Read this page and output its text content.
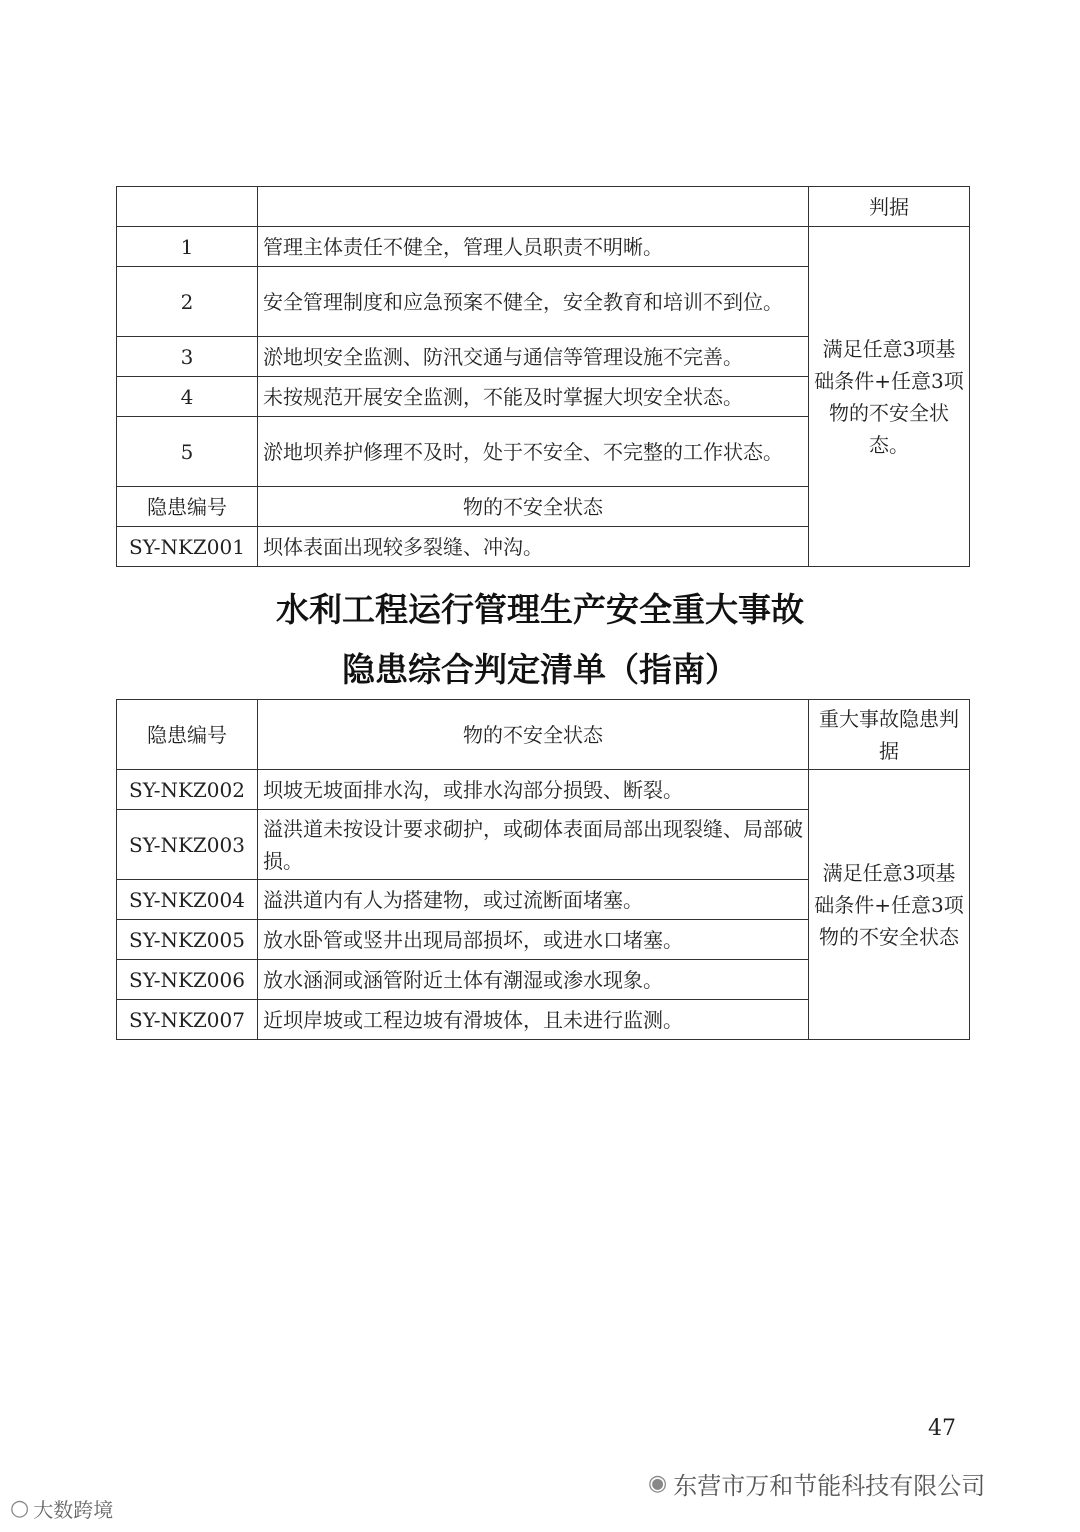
		判据
1	管理主体责任不健全，管理人员职责不明晰。	满足任意3项基础条件+任意3项物的不安全状态。
2	安全管理制度和应急预案不健全，安全教育和培训不到位。	
3	淤地坝安全监测、防汛交通与通信等管理设施不完善。	
4	未按规范开展安全监测，不能及时掌握大坝安全状态。	
5	淤地坝养护修理不及时，处于不安全、不完整的工作状态。	
隐患编号	物的不安全状态	
SY-NKZ001	坝体表面出现较多裂缝、冲沟。	
水利工程运行管理生产安全重大事故
隐患综合判定清单（指南）
隐患编号	物的不安全状态	重大事故隐患判据
SY-NKZ002	坝坡无坡面排水沟，或排水沟部分损毁、断裂。	满足任意3项基础条件+任意3项物的不安全状态
SY-NKZ003	溢洪道未按设计要求砌护，或砌体表面局部出现裂缝、局部破损。	
SY-NKZ004	溢洪道内有人为搭建物，或过流断面堵塞。	
SY-NKZ005	放水卧管或竖井出现局部损坏，或进水口堵塞。	
SY-NKZ006	放水涵洞或涵管附近土体有潮湿或渗水现象。	
SY-NKZ007	近坝岸坡或工程边坡有滑坡体，且未进行监测。	
47
◉ 东营市万和节能科技有限公司
○ 大数跨境
